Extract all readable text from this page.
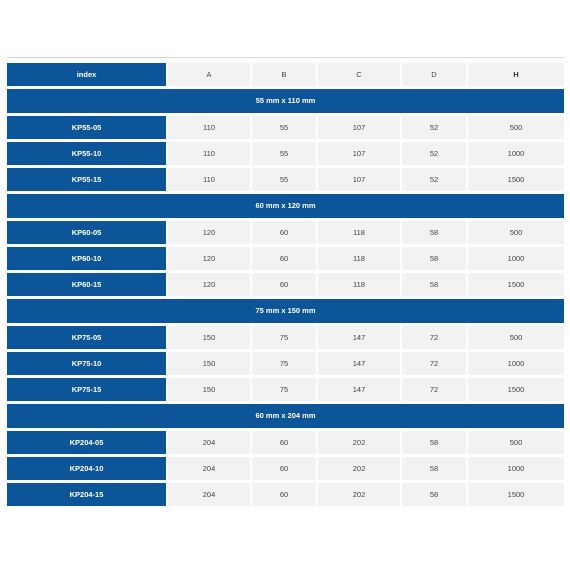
index	A	B	C	D	H
55 mm x 110 mm					
KP55-05	110	55	107	52	500
KP55-10	110	55	107	52	1000
KP55-15	110	55	107	52	1500
60 mm x 120 mm					
KP60-05	120	60	118	58	500
KP60-10	120	60	118	58	1000
KP60-15	120	60	118	58	1500
75 mm x 150 mm					
KP75-05	150	75	147	72	500
KP75-10	150	75	147	72	1000
KP75-15	150	75	147	72	1500
60 mm x 204 mm					
KP204-05	204	60	202	58	500
KP204-10	204	60	202	58	1000
KP204-15	204	60	202	58	1500
